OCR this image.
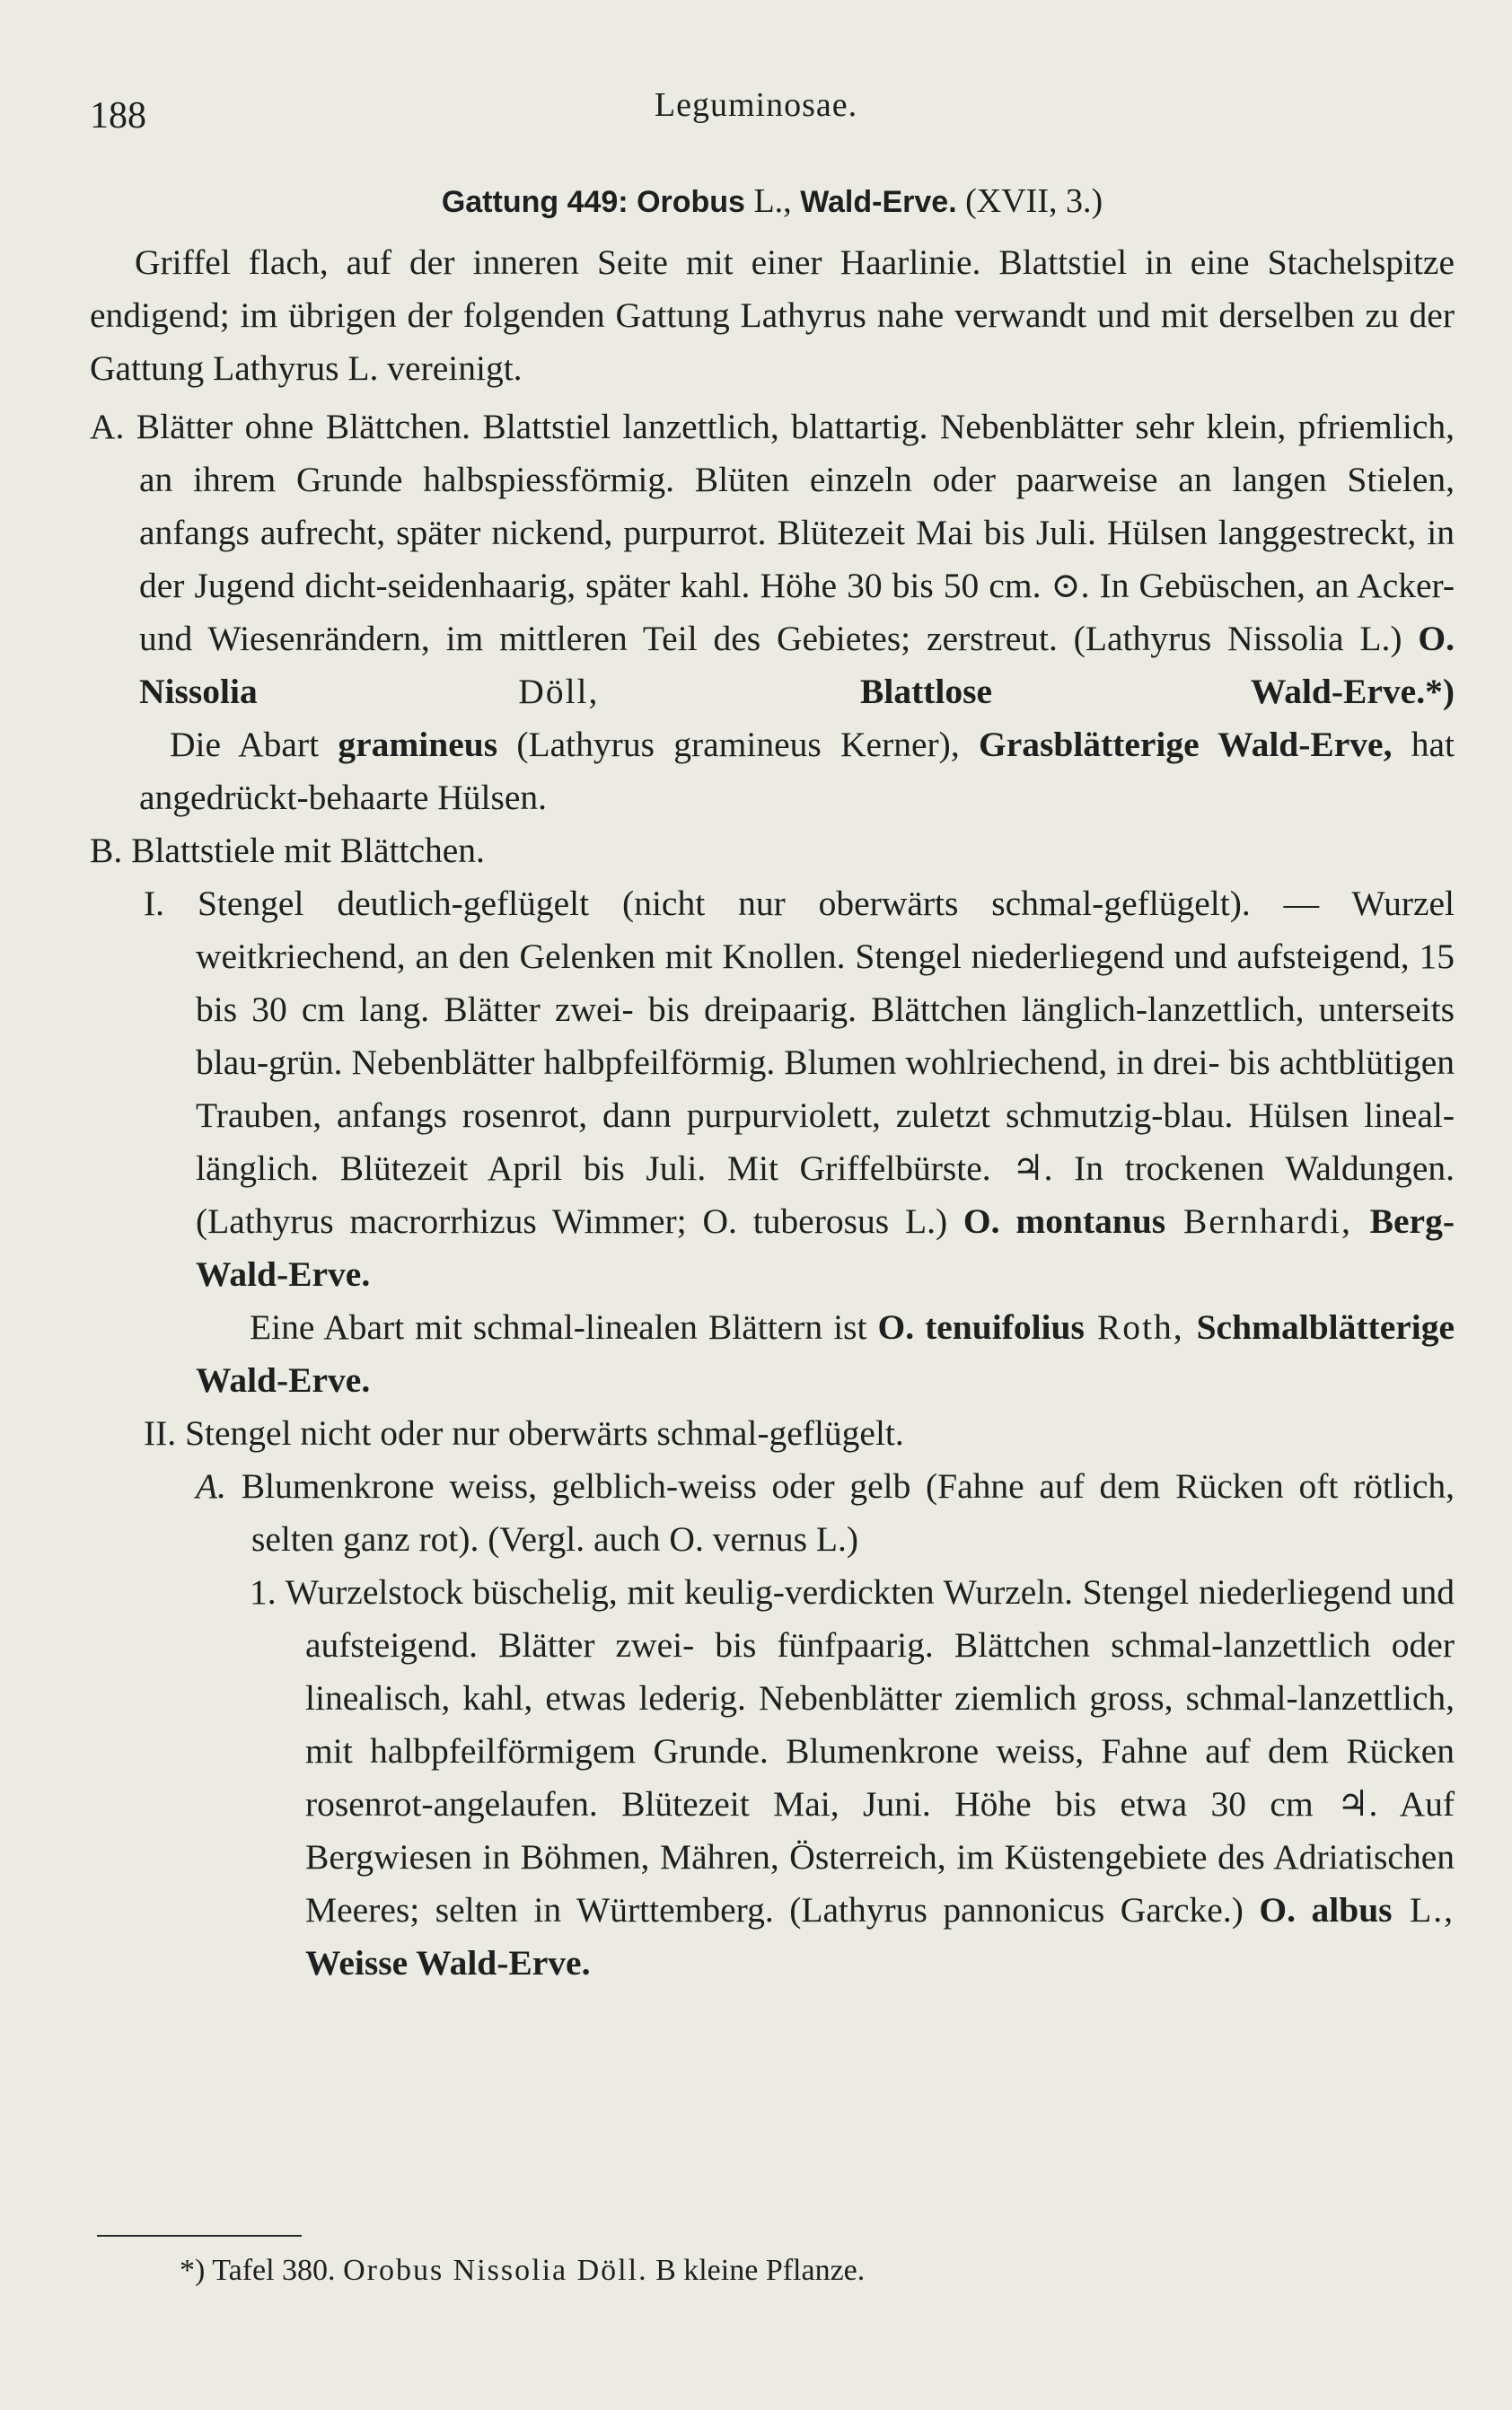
188	Leguminosae.

Gattung 449: Orobus L., Wald-Erve. (XVII, 3.)

Griffel flach, auf der inneren Seite mit einer Haarlinie. Blattstiel in eine Stachelspitze endigend; im übrigen der folgenden Gattung Lathyrus nahe verwandt und mit derselben zu der Gattung Lathyrus L. vereinigt.

A. Blätter ohne Blättchen. Blattstiel lanzettlich, blattartig. Nebenblätter sehr klein, pfriemlich, an ihrem Grunde halbspiessförmig. Blüten einzeln oder paarweise an langen Stielen, anfangs aufrecht, später nickend, purpurrot. Blütezeit Mai bis Juli. Hülsen langgestreckt, in der Jugend dicht-seidenhaarig, später kahl. Höhe 30 bis 50 cm. ⊙. In Gebüschen, an Acker- und Wiesenrändern, im mittleren Teil des Gebietes; zerstreut. (Lathyrus Nissolia L.) O. Nissolia Döll, Blattlose Wald-Erve.*)

Die Abart gramineus (Lathyrus gramineus Kerner), Grasblätterige Wald-Erve, hat angedrückt-behaarte Hülsen.

B. Blattstiele mit Blättchen.

I. Stengel deutlich-geflügelt (nicht nur oberwärts schmal-geflügelt). — Wurzel weitkriechend, an den Gelenken mit Knollen. Stengel niederliegend und aufsteigend, 15 bis 30 cm lang. Blätter zwei- bis dreipaarig. Blättchen länglich-lanzettlich, unterseits blau-grün. Nebenblätter halbpfeilförmig. Blumen wohlriechend, in drei- bis achtblütigen Trauben, anfangs rosenrot, dann purpurviolett, zuletzt schmutzig-blau. Hülsen lineal-länglich. Blütezeit April bis Juli. Mit Griffelbürste. ♃. In trockenen Waldungen. (Lathyrus macrorrhizus Wimmer; O. tuberosus L.) O. montanus Bernhardi, Berg-Wald-Erve.

Eine Abart mit schmal-linealen Blättern ist O. tenuifolius Roth, Schmalblätterige Wald-Erve.

II. Stengel nicht oder nur oberwärts schmal-geflügelt.

A. Blumenkrone weiss, gelblich-weiss oder gelb (Fahne auf dem Rücken oft rötlich, selten ganz rot). (Vergl. auch O. vernus L.)

1. Wurzelstock büschelig, mit keulig-verdickten Wurzeln. Stengel niederliegend und aufsteigend. Blätter zwei- bis fünfpaarig. Blättchen schmal-lanzettlich oder linealisch, kahl, etwas lederig. Nebenblätter ziemlich gross, schmal-lanzettlich, mit halbpfeilförmigem Grunde. Blumenkrone weiss, Fahne auf dem Rücken rosenrot-angelaufen. Blütezeit Mai, Juni. Höhe bis etwa 30 cm ♃. Auf Bergwiesen in Böhmen, Mähren, Österreich, im Küstengebiete des Adriatischen Meeres; selten in Württemberg. (Lathyrus pannonicus Garcke.) O. albus L., Weisse Wald-Erve.

*) Tafel 380. Orobus Nissolia Döll. B kleine Pflanze.
